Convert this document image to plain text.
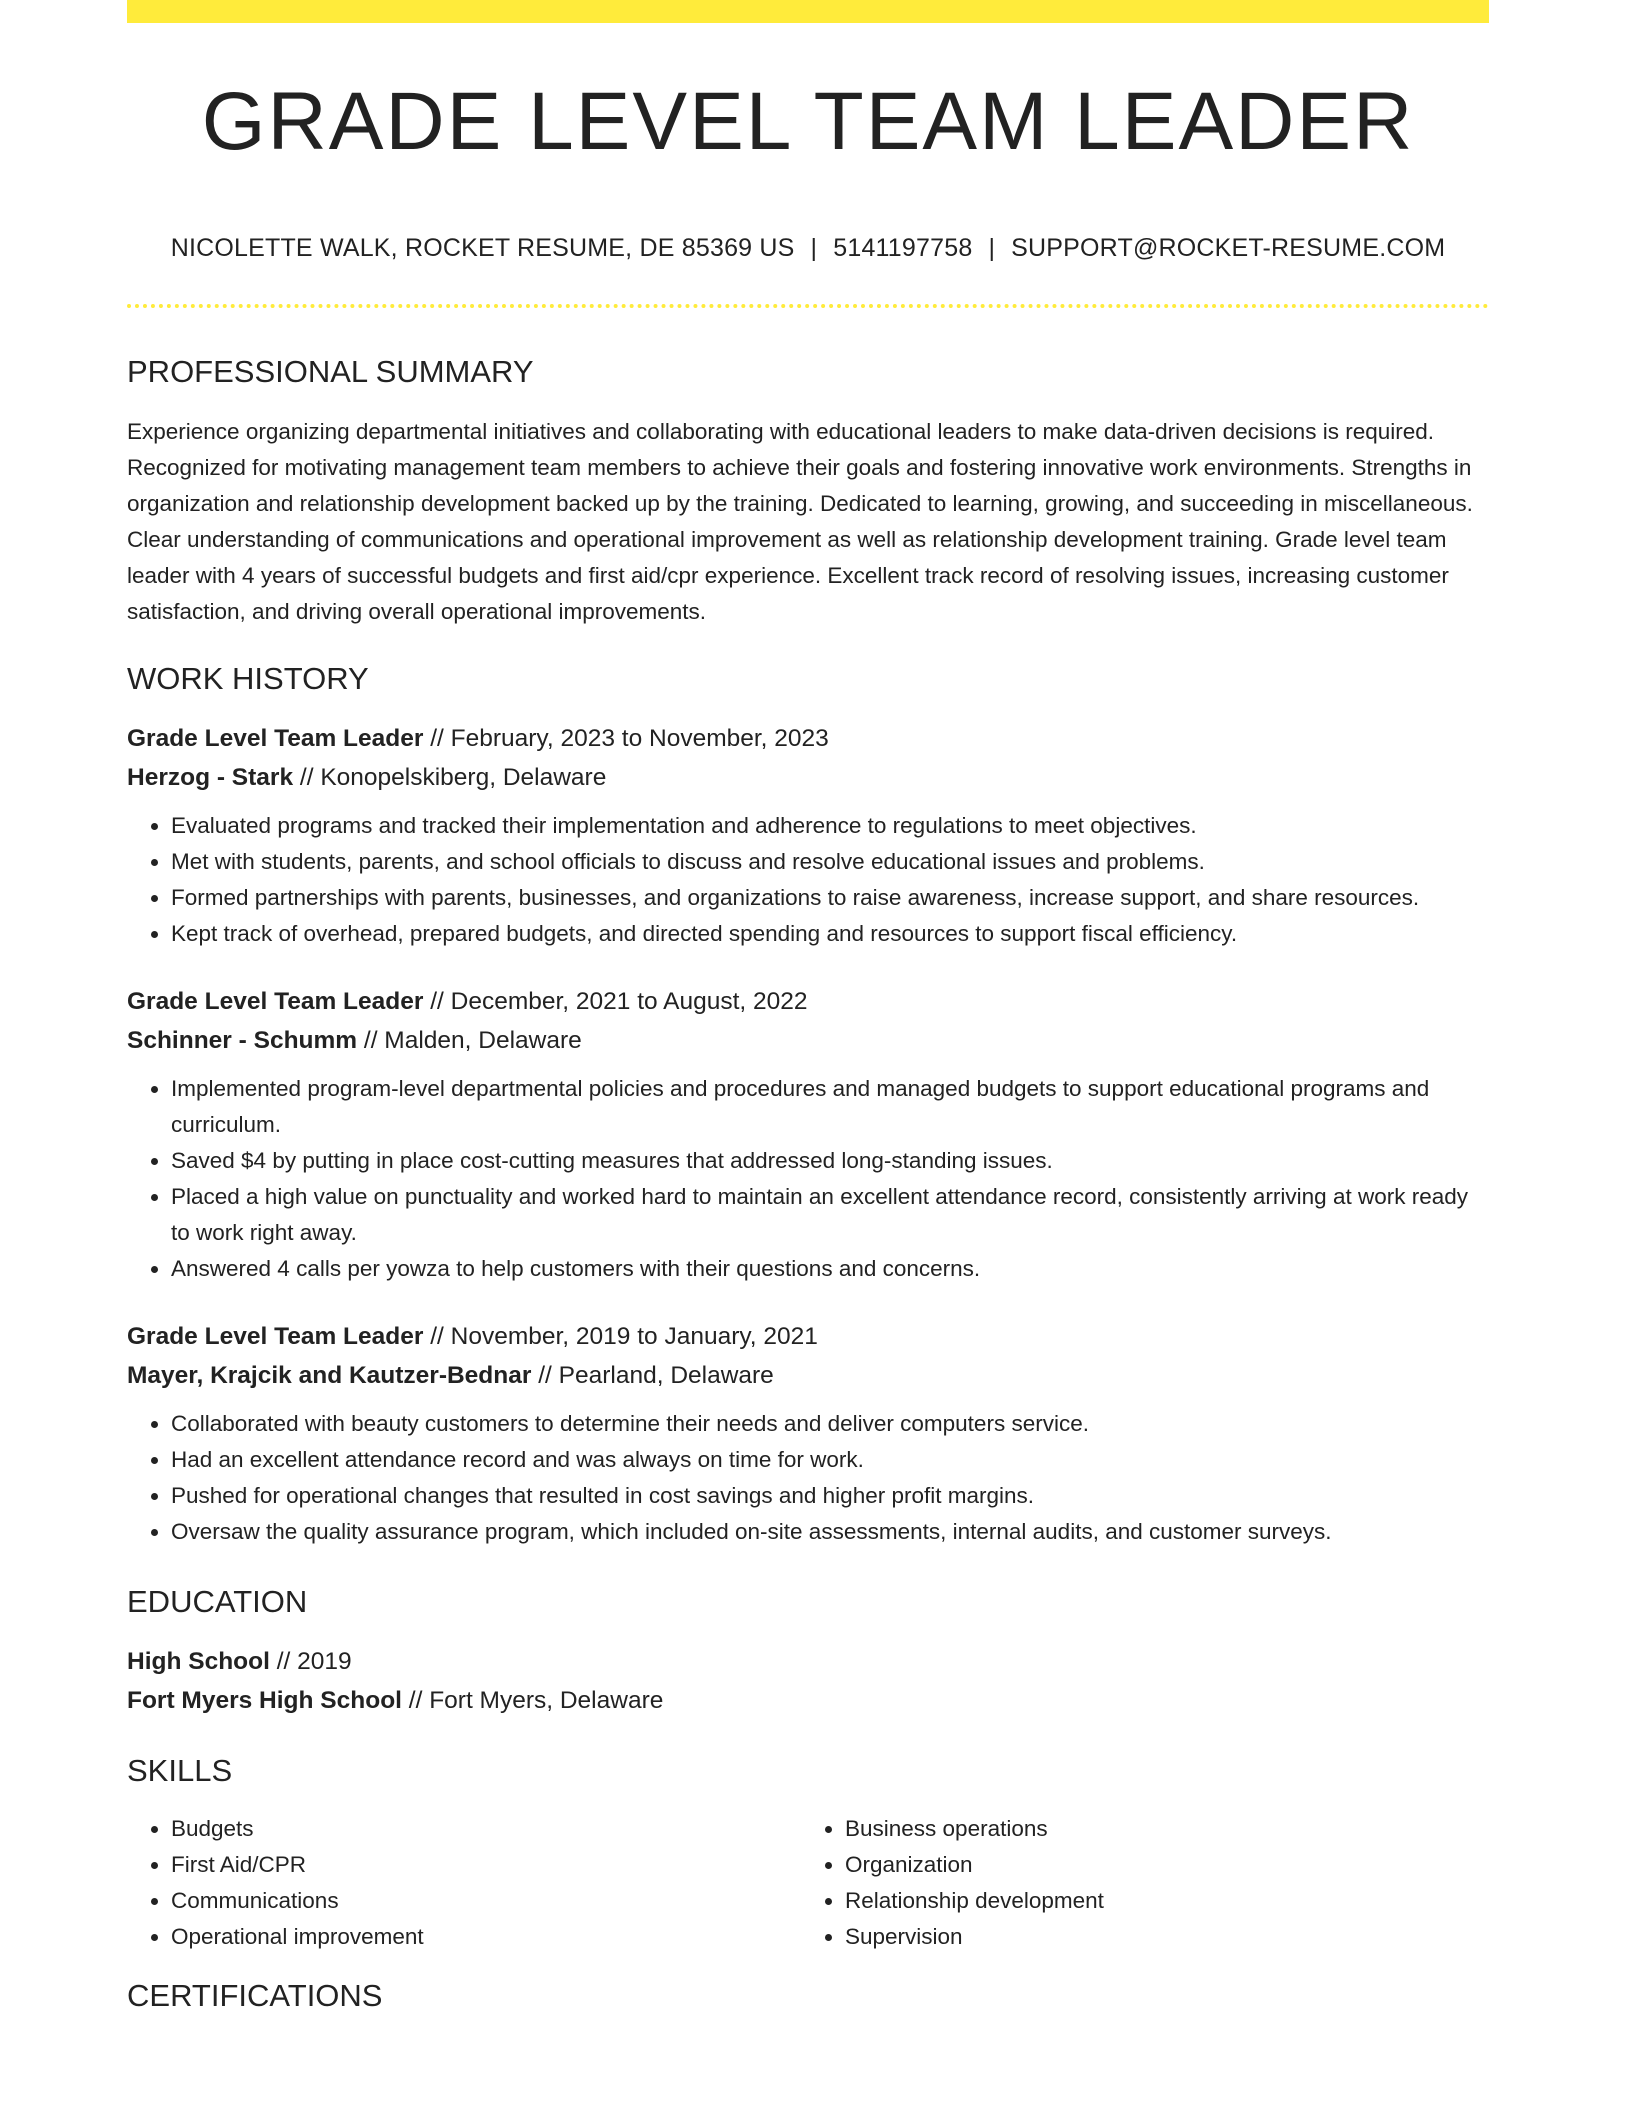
GRADE LEVEL TEAM LEADER
NICOLETTE WALK, ROCKET RESUME, DE 85369 US | 5141197758 | SUPPORT@ROCKET-RESUME.COM
PROFESSIONAL SUMMARY
Experience organizing departmental initiatives and collaborating with educational leaders to make data-driven decisions is required. Recognized for motivating management team members to achieve their goals and fostering innovative work environments. Strengths in organization and relationship development backed up by the training. Dedicated to learning, growing, and succeeding in miscellaneous. Clear understanding of communications and operational improvement as well as relationship development training. Grade level team leader with 4 years of successful budgets and first aid/cpr experience. Excellent track record of resolving issues, increasing customer satisfaction, and driving overall operational improvements.
WORK HISTORY
Grade Level Team Leader // February, 2023 to November, 2023
Herzog - Stark // Konopelskiberg, Delaware
• Evaluated programs and tracked their implementation and adherence to regulations to meet objectives.
• Met with students, parents, and school officials to discuss and resolve educational issues and problems.
• Formed partnerships with parents, businesses, and organizations to raise awareness, increase support, and share resources.
• Kept track of overhead, prepared budgets, and directed spending and resources to support fiscal efficiency.
Grade Level Team Leader // December, 2021 to August, 2022
Schinner - Schumm // Malden, Delaware
• Implemented program-level departmental policies and procedures and managed budgets to support educational programs and curriculum.
• Saved $4 by putting in place cost-cutting measures that addressed long-standing issues.
• Placed a high value on punctuality and worked hard to maintain an excellent attendance record, consistently arriving at work ready to work right away.
• Answered 4 calls per yowza to help customers with their questions and concerns.
Grade Level Team Leader // November, 2019 to January, 2021
Mayer, Krajcik and Kautzer-Bednar // Pearland, Delaware
• Collaborated with beauty customers to determine their needs and deliver computers service.
• Had an excellent attendance record and was always on time for work.
• Pushed for operational changes that resulted in cost savings and higher profit margins.
• Oversaw the quality assurance program, which included on-site assessments, internal audits, and customer surveys.
EDUCATION
High School // 2019
Fort Myers High School // Fort Myers, Delaware
SKILLS
• Budgets
• First Aid/CPR
• Communications
• Operational improvement
• Business operations
• Organization
• Relationship development
• Supervision
CERTIFICATIONS
